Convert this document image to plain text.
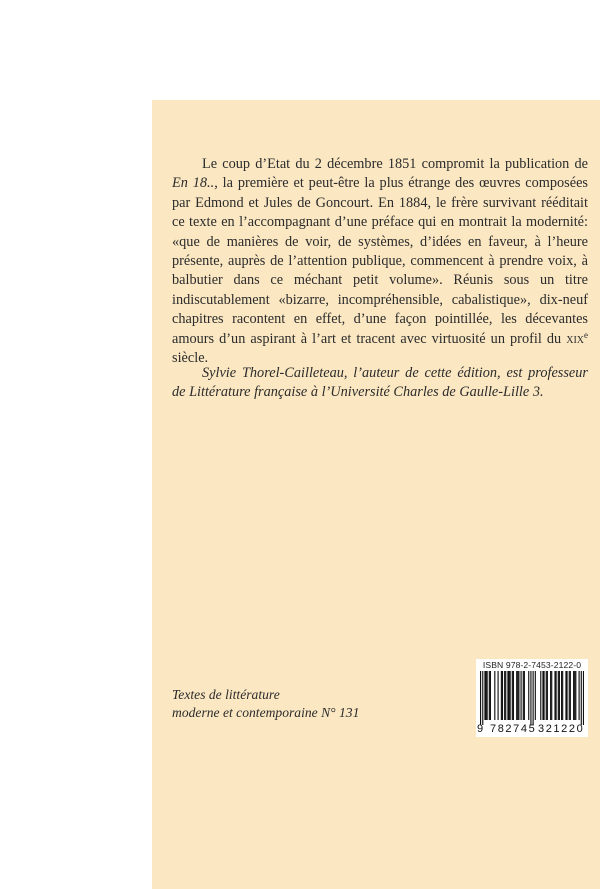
Le coup d’Etat du 2 décembre 1851 compromit la publication de En 18.., la première et peut-être la plus étrange des œuvres composées par Edmond et Jules de Goncourt. En 1884, le frère survivant rééditait ce texte en l’accompagnant d’une préface qui en montrait la modernité: «que de manières de voir, de systèmes, d’idées en faveur, à l’heure présente, auprès de l’attention publique, commencent à prendre voix, à balbutier dans ce méchant petit volume». Réunis sous un titre indiscutablement «bizarre, incompréhensible, cabalistique», dix-neuf chapitres racontent en effet, d’une façon pointillée, les décevantes amours d’un aspirant à l’art et tracent avec virtuosité un profil du xix$^e$ siècle.

Sylvie Thorel-Cailleteau, l’auteur de cette édition, est professeur de Littérature française à l’Université Charles de Gaulle-Lille 3.

Textes de littérature
moderne et contemporaine N° 131
ISBN 978-2-7453-2122-0
9 782745 321220
